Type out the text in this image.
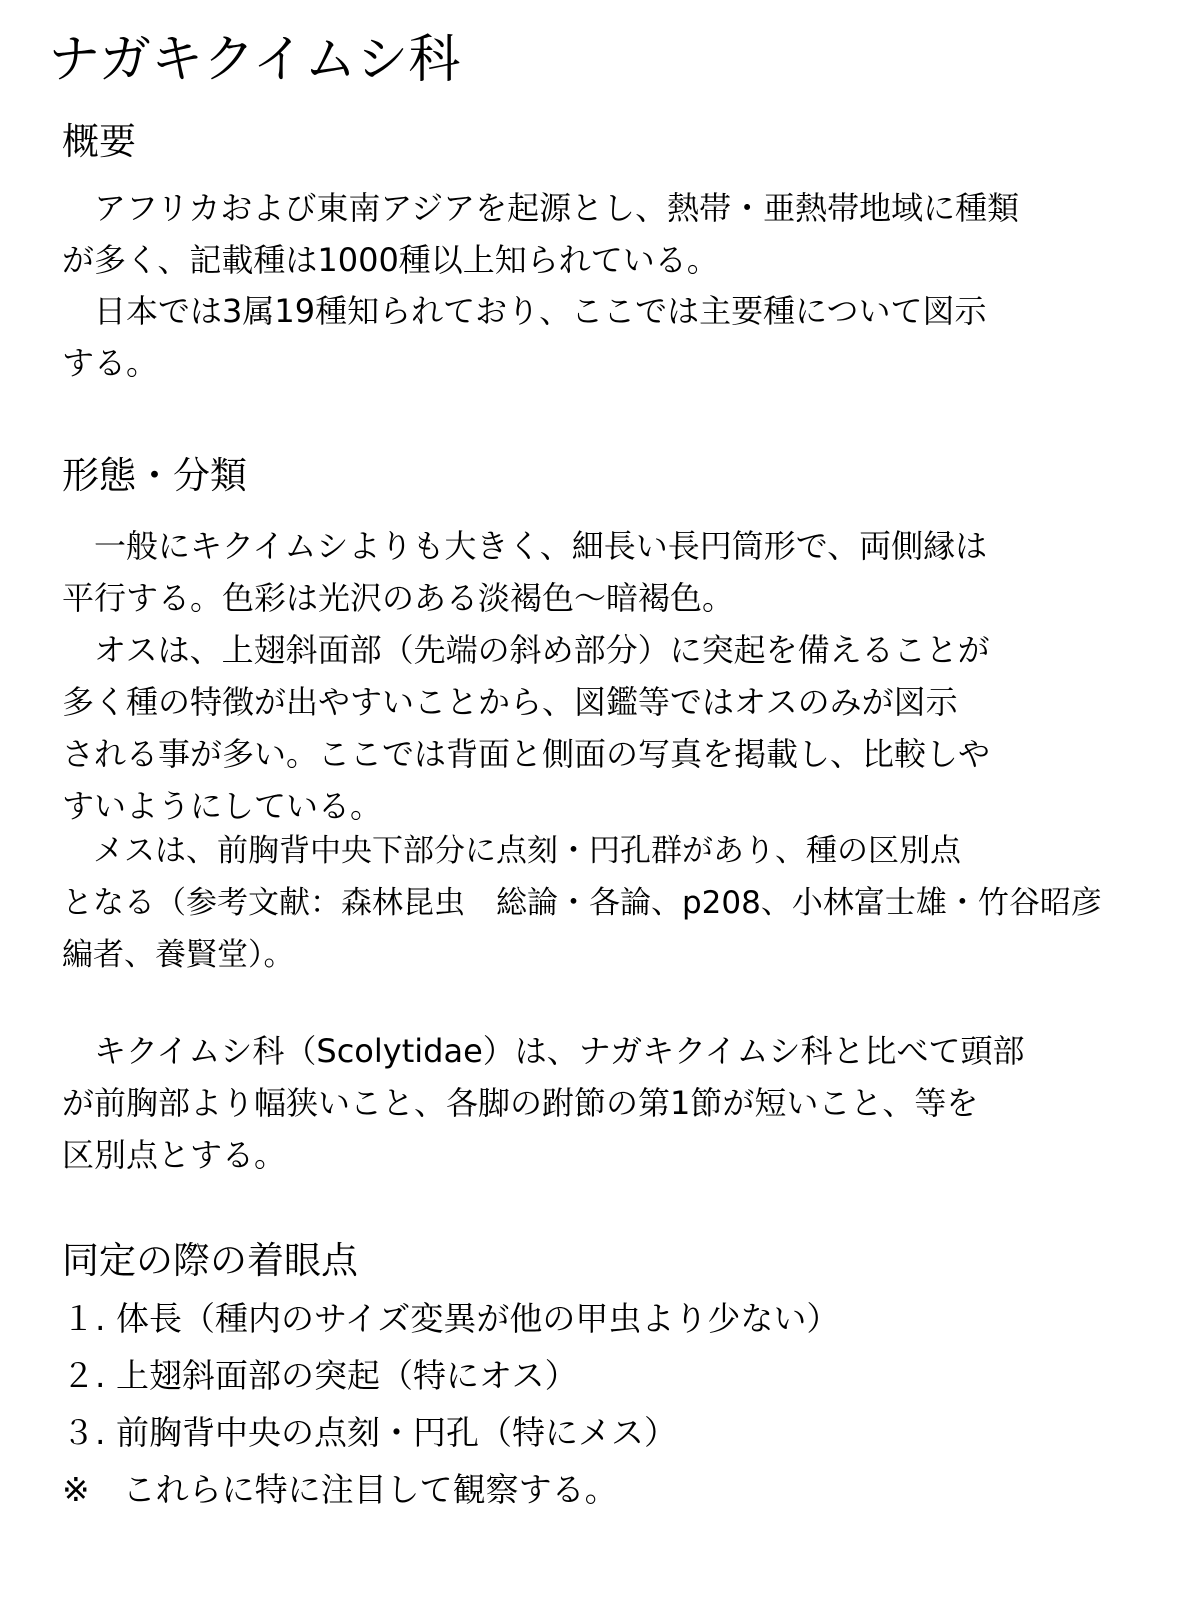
ナガキクイムシ科
概要

　アフリカおよび東南アジアを起源とし、熱帯・亜熱帯地域に種類
が多く、記載種は1000種以上知られている。

　日本では3属19種知られており、ここでは主要種について図示
する。

形態・分類

　一般にキクイムシよりも大きく、細長い長円筒形で、両側縁は
平行する。色彩は光沢のある淡褐色～暗褐色。

　オスは、上翅斜面部（先端の斜め部分）に突起を備えることが
多く種の特徴が出やすいことから、図鑑等ではオスのみが図示
される事が多い。ここでは背面と側面の写真を掲載し、比較しや
すいようにしている。

　メスは、前胸背中央下部分に点刻・円孔群があり、種の区別点
となる（参考文献：森林昆虫　総論・各論、p208、小林富士雄・竹谷昭彦
編者、養賢堂）。

　キクイムシ科（Scolytidae）は、ナガキクイムシ科と比べて頭部
が前胸部より幅狭いこと、各脚の跗節の第1節が短いこと、等を
区別点とする。

同定の際の着眼点

１. 体長（種内のサイズ変異が他の甲虫より少ない）

２. 上翅斜面部の突起（特にオス）

３. 前胸背中央の点刻・円孔（特にメス）

※　これらに特に注目して観察する。
